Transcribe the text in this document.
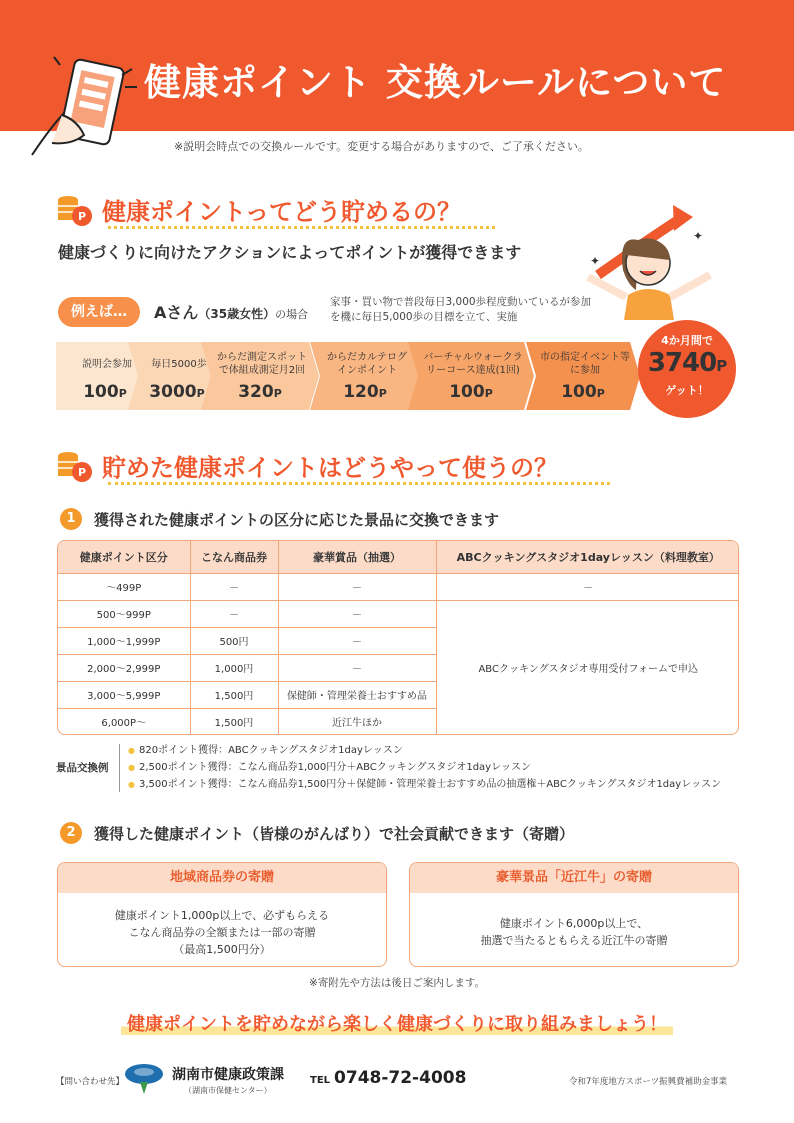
健康ポイント 交換ルールについて
※説明会時点での交換ルールです。変更する場合がありますので、ご了承ください。
P 健康ポイントってどう貯めるの？
✦
✦
健康づくりに向けたアクションによってポイントが獲得できます
例えば…	Aさん（35歳女性）の場合
家事・買い物で普段毎日3,000歩程度動いているが参加を機に毎日5,000歩の目標を立て、実施
説明会参加
100P
毎日5000歩
3000P
からだ測定スポットで体組成測定月2回
320P
からだカルテログインポイント
120P
バーチャルウォークラリーコース達成(1回)
100P
市の指定イベント等に参加
100P
4か月間で
3740P
ゲット！
P 貯めた健康ポイントはどうやって使うの？
1	獲得された健康ポイントの区分に応じた景品に交換できます
健康ポイント区分	こなん商品券	豪華賞品（抽選）	ABCクッキングスタジオ1dayレッスン（料理教室）
～499P	－	－	－
500～999P	－	－	ABCクッキングスタジオ専用受付フォームで申込
1,000～1,999P	500円	－	
2,000～2,999P	1,000円	－	
3,000～5,999P	1,500円	保健師・管理栄養士おすすめ品	
6,000P～	1,500円	近江牛ほか	
景品交換例
● 820ポイント獲得：ABCクッキングスタジオ1dayレッスン
● 2,500ポイント獲得：こなん商品券1,000円分＋ABCクッキングスタジオ1dayレッスン
● 3,500ポイント獲得：こなん商品券1,500円分＋保健師・管理栄養士おすすめ品の抽選権＋ABCクッキングスタジオ1dayレッスン
2	獲得した健康ポイント（皆様のがんばり）で社会貢献できます（寄贈）
地域商品券の寄贈
健康ポイント1,000p以上で、必ずもらえる
こなん商品券の全額または一部の寄贈
（最高1,500円分）
豪華景品「近江牛」の寄贈
健康ポイント6,000p以上で、
抽選で当たるともらえる近江牛の寄贈
※寄附先や方法は後日ご案内します。
健康ポイントを貯めながら楽しく健康づくりに取り組みましょう！
【問い合わせ先】	湖南市健康政策課
（湖南市保健センター）
TEL 0748-72-4008	令和7年度地方スポーツ振興費補助金事業
